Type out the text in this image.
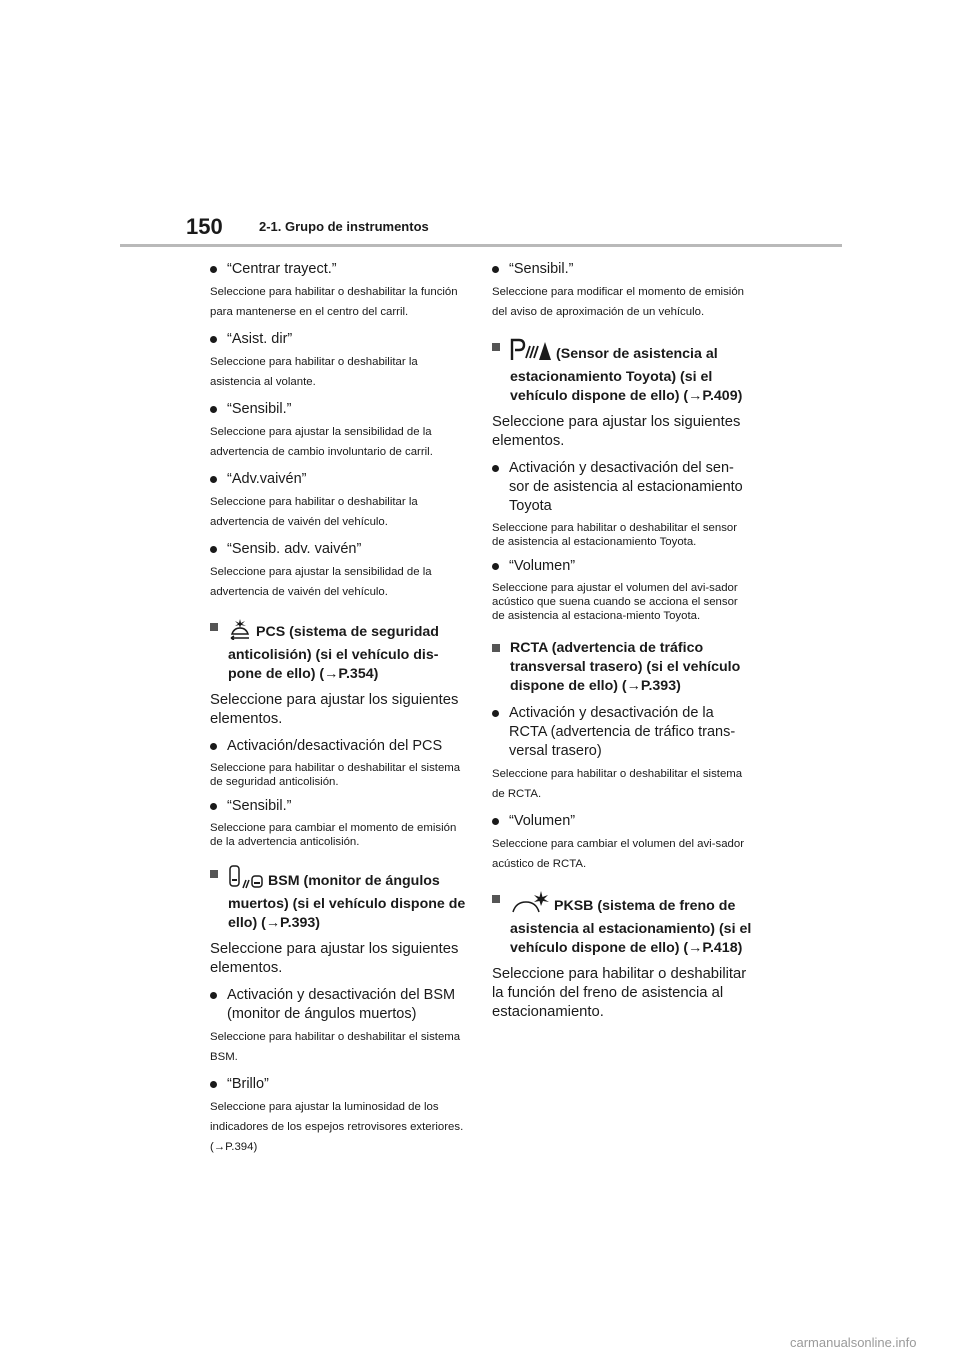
150	2-1. Grupo de instrumentos
“Centrar trayect.”
Seleccione para habilitar o deshabilitar la función para mantenerse en el centro del carril.
“Asist. dir”
Seleccione para habilitar o deshabilitar la asistencia al volante.
“Sensibil.”
Seleccione para ajustar la sensibilidad de la advertencia de cambio involuntario de carril.
“Adv.vaivén”
Seleccione para habilitar o deshabilitar la advertencia de vaivén del vehículo.
“Sensib. adv. vaivén”
Seleccione para ajustar la sensibilidad de la advertencia de vaivén del vehículo.
PCS (sistema de seguridad anticolisión) (si el vehículo dis-pone de ello) (→P.354)
Seleccione para ajustar los siguientes elementos.
Activación/desactivación del PCS
Seleccione para habilitar o deshabilitar el sistema de seguridad anticolisión.
“Sensibil.”
Seleccione para cambiar el momento de emisión de la advertencia anticolisión.
BSM (monitor de ángulos muertos) (si el vehículo dispone de ello) (→P.393)
Seleccione para ajustar los siguientes elementos.
Activación y desactivación del BSM (monitor de ángulos muertos)
Seleccione para habilitar o deshabilitar el sistema BSM.
“Brillo”
Seleccione para ajustar la luminosidad de los indicadores de los espejos retrovisores exteriores. (→P.394)
“Sensibil.”
Seleccione para modificar el momento de emisión del aviso de aproximación de un vehículo.
(Sensor de asistencia al estacionamiento Toyota) (si el vehículo dispone de ello) (→P.409)
Seleccione para ajustar los siguientes elementos.
Activación y desactivación del sen-sor de asistencia al estacionamiento Toyota
Seleccione para habilitar o deshabilitar el sensor de asistencia al estacionamiento Toyota.
“Volumen”
Seleccione para ajustar el volumen del avi-sador acústico que suena cuando se acciona el sensor de asistencia al estaciona-miento Toyota.
RCTA (advertencia de tráfico transversal trasero) (si el vehículo dispone de ello) (→P.393)
Activación y desactivación de la RCTA (advertencia de tráfico trans-versal trasero)
Seleccione para habilitar o deshabilitar el sistema de RCTA.
“Volumen”
Seleccione para cambiar el volumen del avi-sador acústico de RCTA.
PKSB (sistema de freno de asistencia al estacionamiento) (si el vehículo dispone de ello) (→P.418)
Seleccione para habilitar o deshabilitar la función del freno de asistencia al estacionamiento.
carmanualsonline.info
